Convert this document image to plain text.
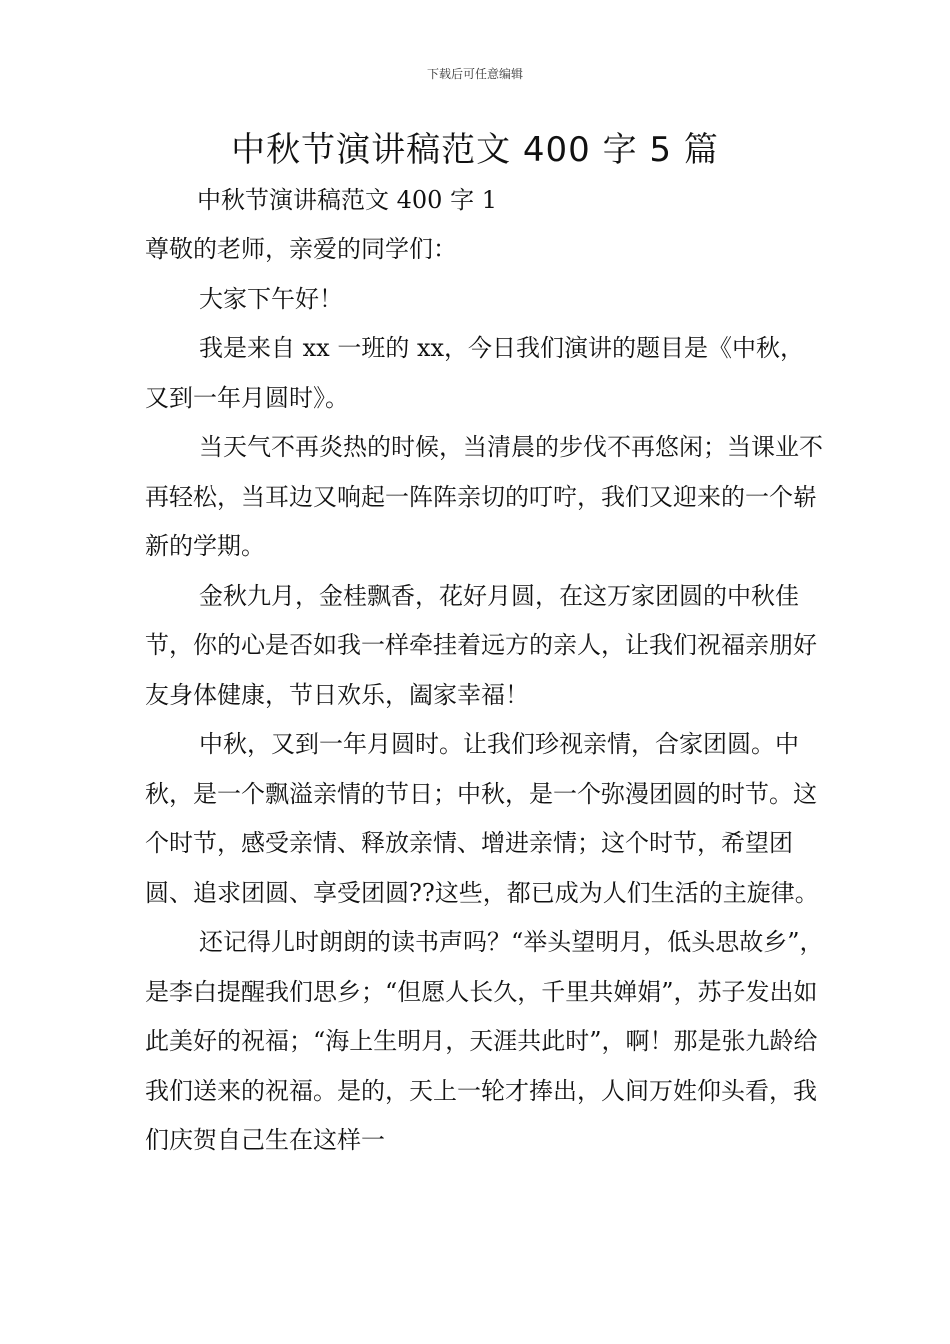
下载后可任意编辑
中秋节演讲稿范文 400 字 5 篇
中秋节演讲稿范文 400 字 1

尊敬的老师，亲爱的同学们：

大家下午好！

我是来自 xx 一班的 xx，今日我们演讲的题目是《中秋，又到一年月圆时》。

当天气不再炎热的时候，当清晨的步伐不再悠闲；当课业不再轻松，当耳边又响起一阵阵亲切的叮咛，我们又迎来的一个崭新的学期。

金秋九月，金桂飘香，花好月圆，在这万家团圆的中秋佳节，你的心是否如我一样牵挂着远方的亲人，让我们祝福亲朋好友身体健康，节日欢乐，阖家幸福！

中秋，又到一年月圆时。让我们珍视亲情，合家团圆。中秋，是一个飘溢亲情的节日；中秋，是一个弥漫团圆的时节。这个时节，感受亲情、释放亲情、增进亲情；这个时节，希望团圆、追求团圆、享受团圆??这些，都已成为人们生活的主旋律。

还记得儿时朗朗的读书声吗？“举头望明月，低头思故乡”，是李白提醒我们思乡；“但愿人长久，千里共婵娟”，苏子发出如此美好的祝福；“海上生明月，天涯共此时”，啊！那是张九龄给我们送来的祝福。是的，天上一轮才捧出，人间万姓仰头看，我们庆贺自己生在这样一
